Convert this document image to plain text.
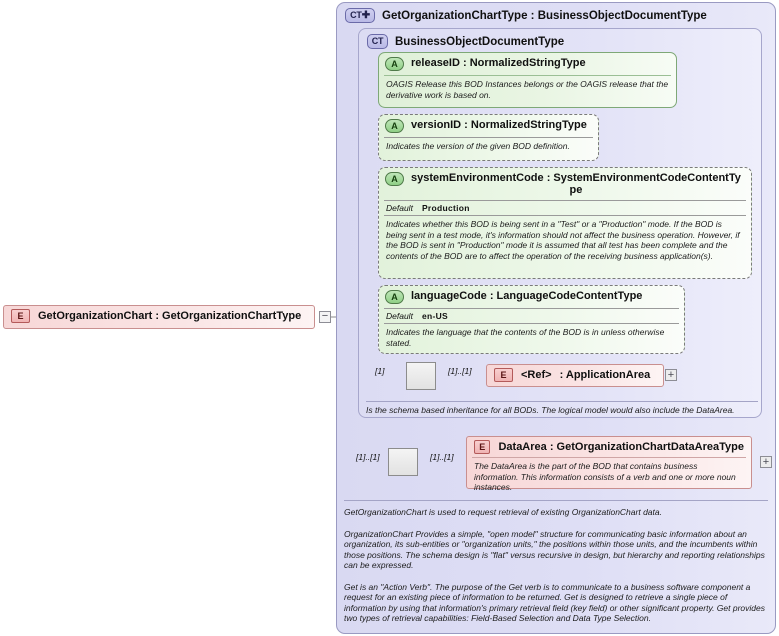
E	GetOrganizationChart : GetOrganizationChartType −
CT✚	GetOrganizationChartType : BusinessObjectDocumentType
CT	BusinessObjectDocumentType
A	releaseID : NormalizedStringType
OAGIS Release this BOD Instances belongs or the OAGIS release that the derivative work is based on.
A	versionID : NormalizedStringType
Indicates the version of the given BOD definition.
A	systemEnvironmentCode : SystemEnvironmentCodeContentTy
pe
Default Production
Indicates whether this BOD is being sent in a "Test" or a "Production" mode. If the BOD is being sent in a test mode, it's information should not affect the business operation. However, if the BOD is sent in "Production" mode it is assumed that all test has been complete and the contents of the BOD are to affect the operation of the receiving business application(s).
A	languageCode : LanguageCodeContentType
Default en-US
Indicates the language that the contents of the BOD is in unless otherwise stated.
[1]	[1]..[1]	E	<Ref> : ApplicationArea +
Is the schema based inheritance for all BODs. The logical model would also include the DataArea.
[1]..[1]	[1]..[1]
E	DataArea : GetOrganizationChartDataAreaType
The DataArea is the part of the BOD that contains business information. This information consists of a verb and one or more noun instances.
+

GetOrganizationChart is used to request retrieval of existing OrganizationChart data.

OrganizationChart Provides a simple, "open model" structure for communicating basic information about an organization, its sub-entities or "organization units," the positions within those units, and the incumbents within those positions. The schema design is "flat" versus recursive in design, but hierarchy and reporting relationships can be expressed.

Get is an "Action Verb". The purpose of the Get verb is to communicate to a business software component a request for an existing piece of information to be returned. Get is designed to retrieve a single piece of information by using that information's primary retrieval field (key field) or other significant property. Get provides two types of retrieval capabilities: Field-Based Selection and Data Type Selection.
